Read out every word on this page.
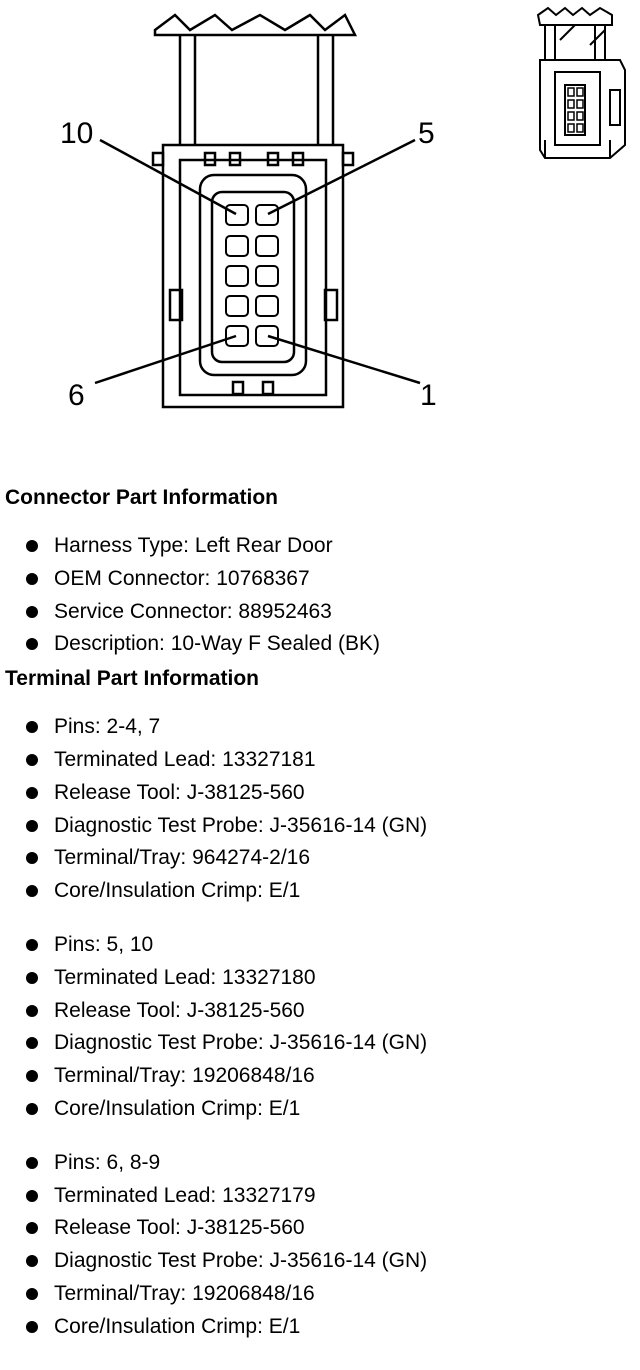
10	5
6	1
Connector Part Information
Harness Type: Left Rear Door
OEM Connector: 10768367
Service Connector: 88952463
Description: 10-Way F Sealed (BK)
Terminal Part Information
Pins: 2-4, 7
Terminated Lead: 13327181
Release Tool: J-38125-560
Diagnostic Test Probe: J-35616-14 (GN)
Terminal/Tray: 964274-2/16
Core/Insulation Crimp: E/1
Pins: 5, 10
Terminated Lead: 13327180
Release Tool: J-38125-560
Diagnostic Test Probe: J-35616-14 (GN)
Terminal/Tray: 19206848/16
Core/Insulation Crimp: E/1
Pins: 6, 8-9
Terminated Lead: 13327179
Release Tool: J-38125-560
Diagnostic Test Probe: J-35616-14 (GN)
Terminal/Tray: 19206848/16
Core/Insulation Crimp: E/1
